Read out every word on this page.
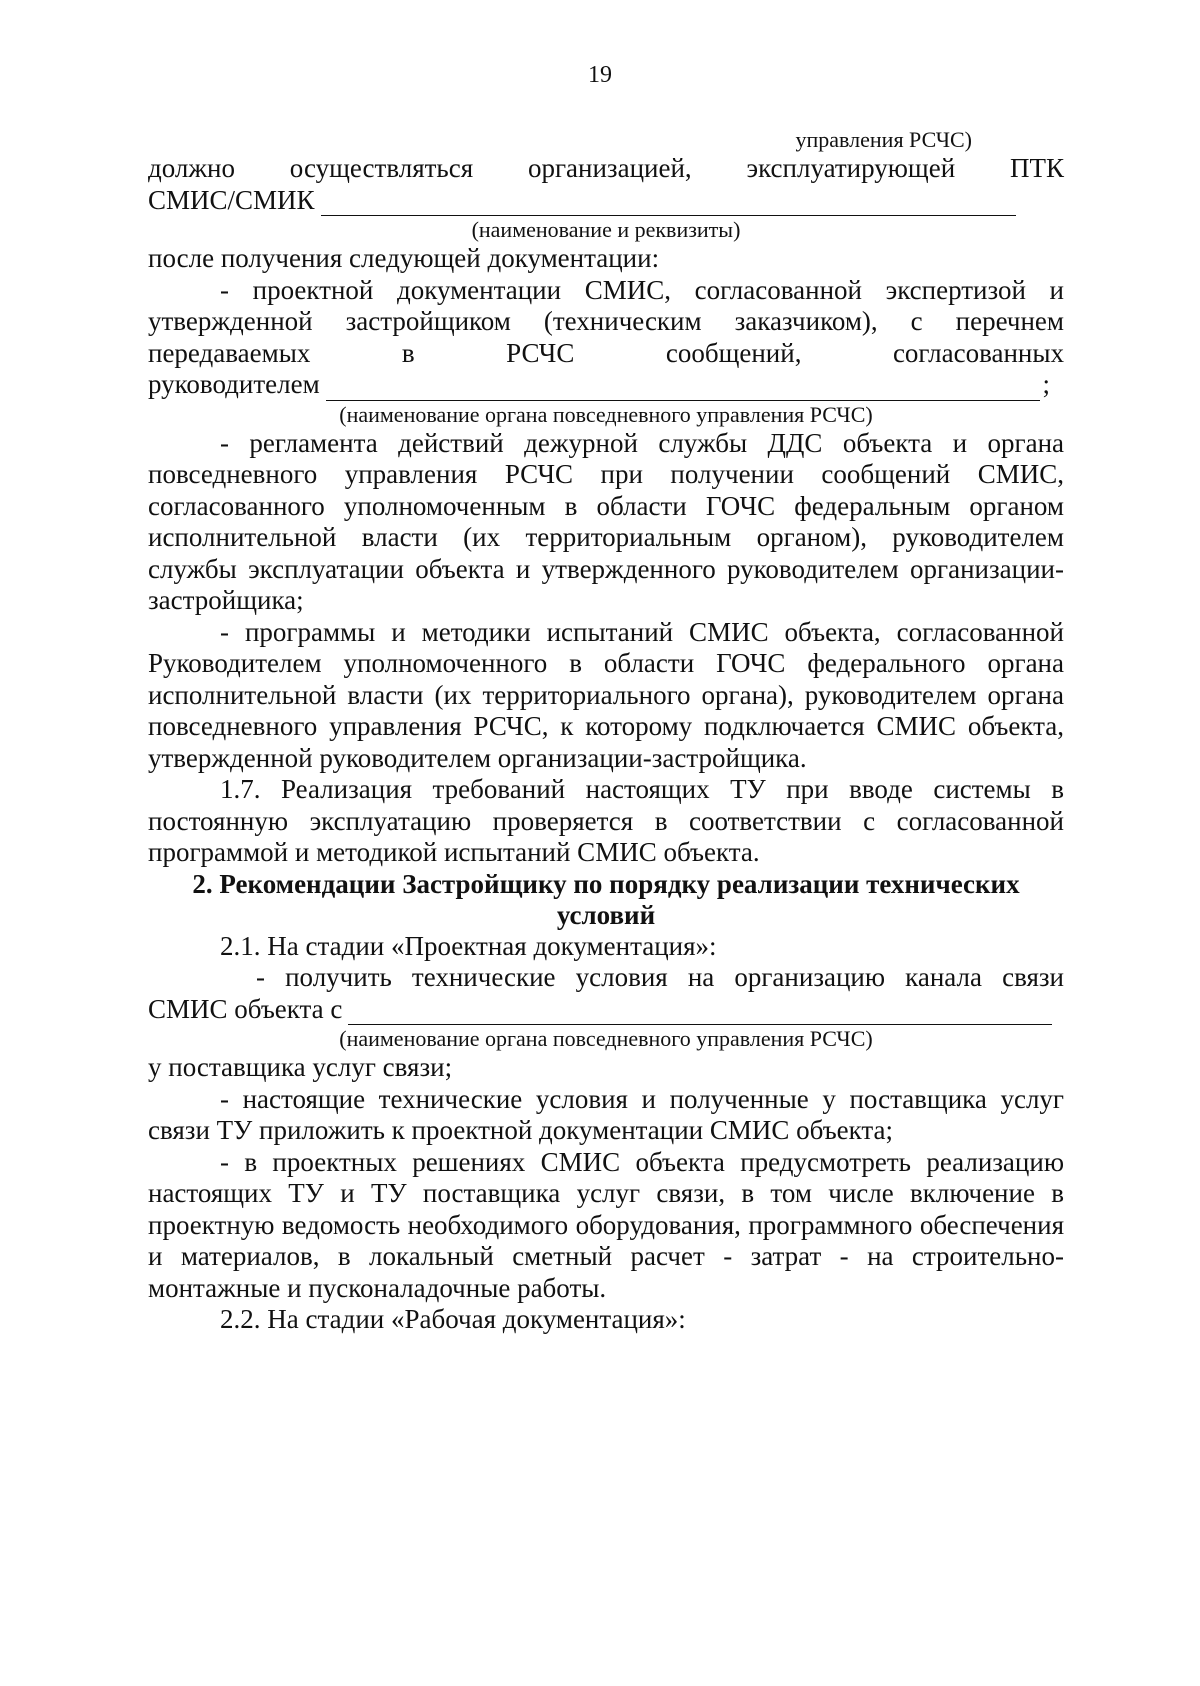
19

управления РСЧС)

должно осуществляться организацией, эксплуатирующей ПТК

СМИС/СМИК

(наименование и реквизиты)

после получения следующей документации:

- проектной документации СМИС, согласованной экспертизой и утвержденной застройщиком (техническим заказчиком), с перечнем передаваемых в РСЧС сообщений, согласованных

руководителем	;

(наименование органа повседневного управления РСЧС)

- регламента действий дежурной службы ДДС объекта и органа повседневного управления РСЧС при получении сообщений СМИС, согласованного уполномоченным в области ГОЧС федеральным органом исполнительной власти (их территориальным органом), руководителем службы эксплуатации объекта и утвержденного руководителем организации-застройщика;

- программы и методики испытаний СМИС объекта, согласованной Руководителем уполномоченного в области ГОЧС федерального органа исполнительной власти (их территориального органа), руководителем органа повседневного управления РСЧС, к которому подключается СМИС объекта, утвержденной руководителем организации-застройщика.

1.7. Реализация требований настоящих ТУ при вводе системы в постоянную эксплуатацию проверяется в соответствии с согласованной программой и методикой испытаний СМИС объекта.

2. Рекомендации Застройщику по порядку реализации технических условий

2.1. На стадии «Проектная документация»:

- получить технические условия на организацию канала связи

СМИС объекта с

(наименование органа повседневного управления РСЧС)

у поставщика услуг связи;

- настоящие технические условия и полученные у поставщика услуг связи ТУ приложить к проектной документации СМИС объекта;

- в проектных решениях СМИС объекта предусмотреть реализацию настоящих ТУ и ТУ поставщика услуг связи, в том числе включение в проектную ведомость необходимого оборудования, программного обеспечения и материалов, в локальный сметный расчет - затрат - на строительно-монтажные и пусконаладочные работы.

2.2. На стадии «Рабочая документация»:
